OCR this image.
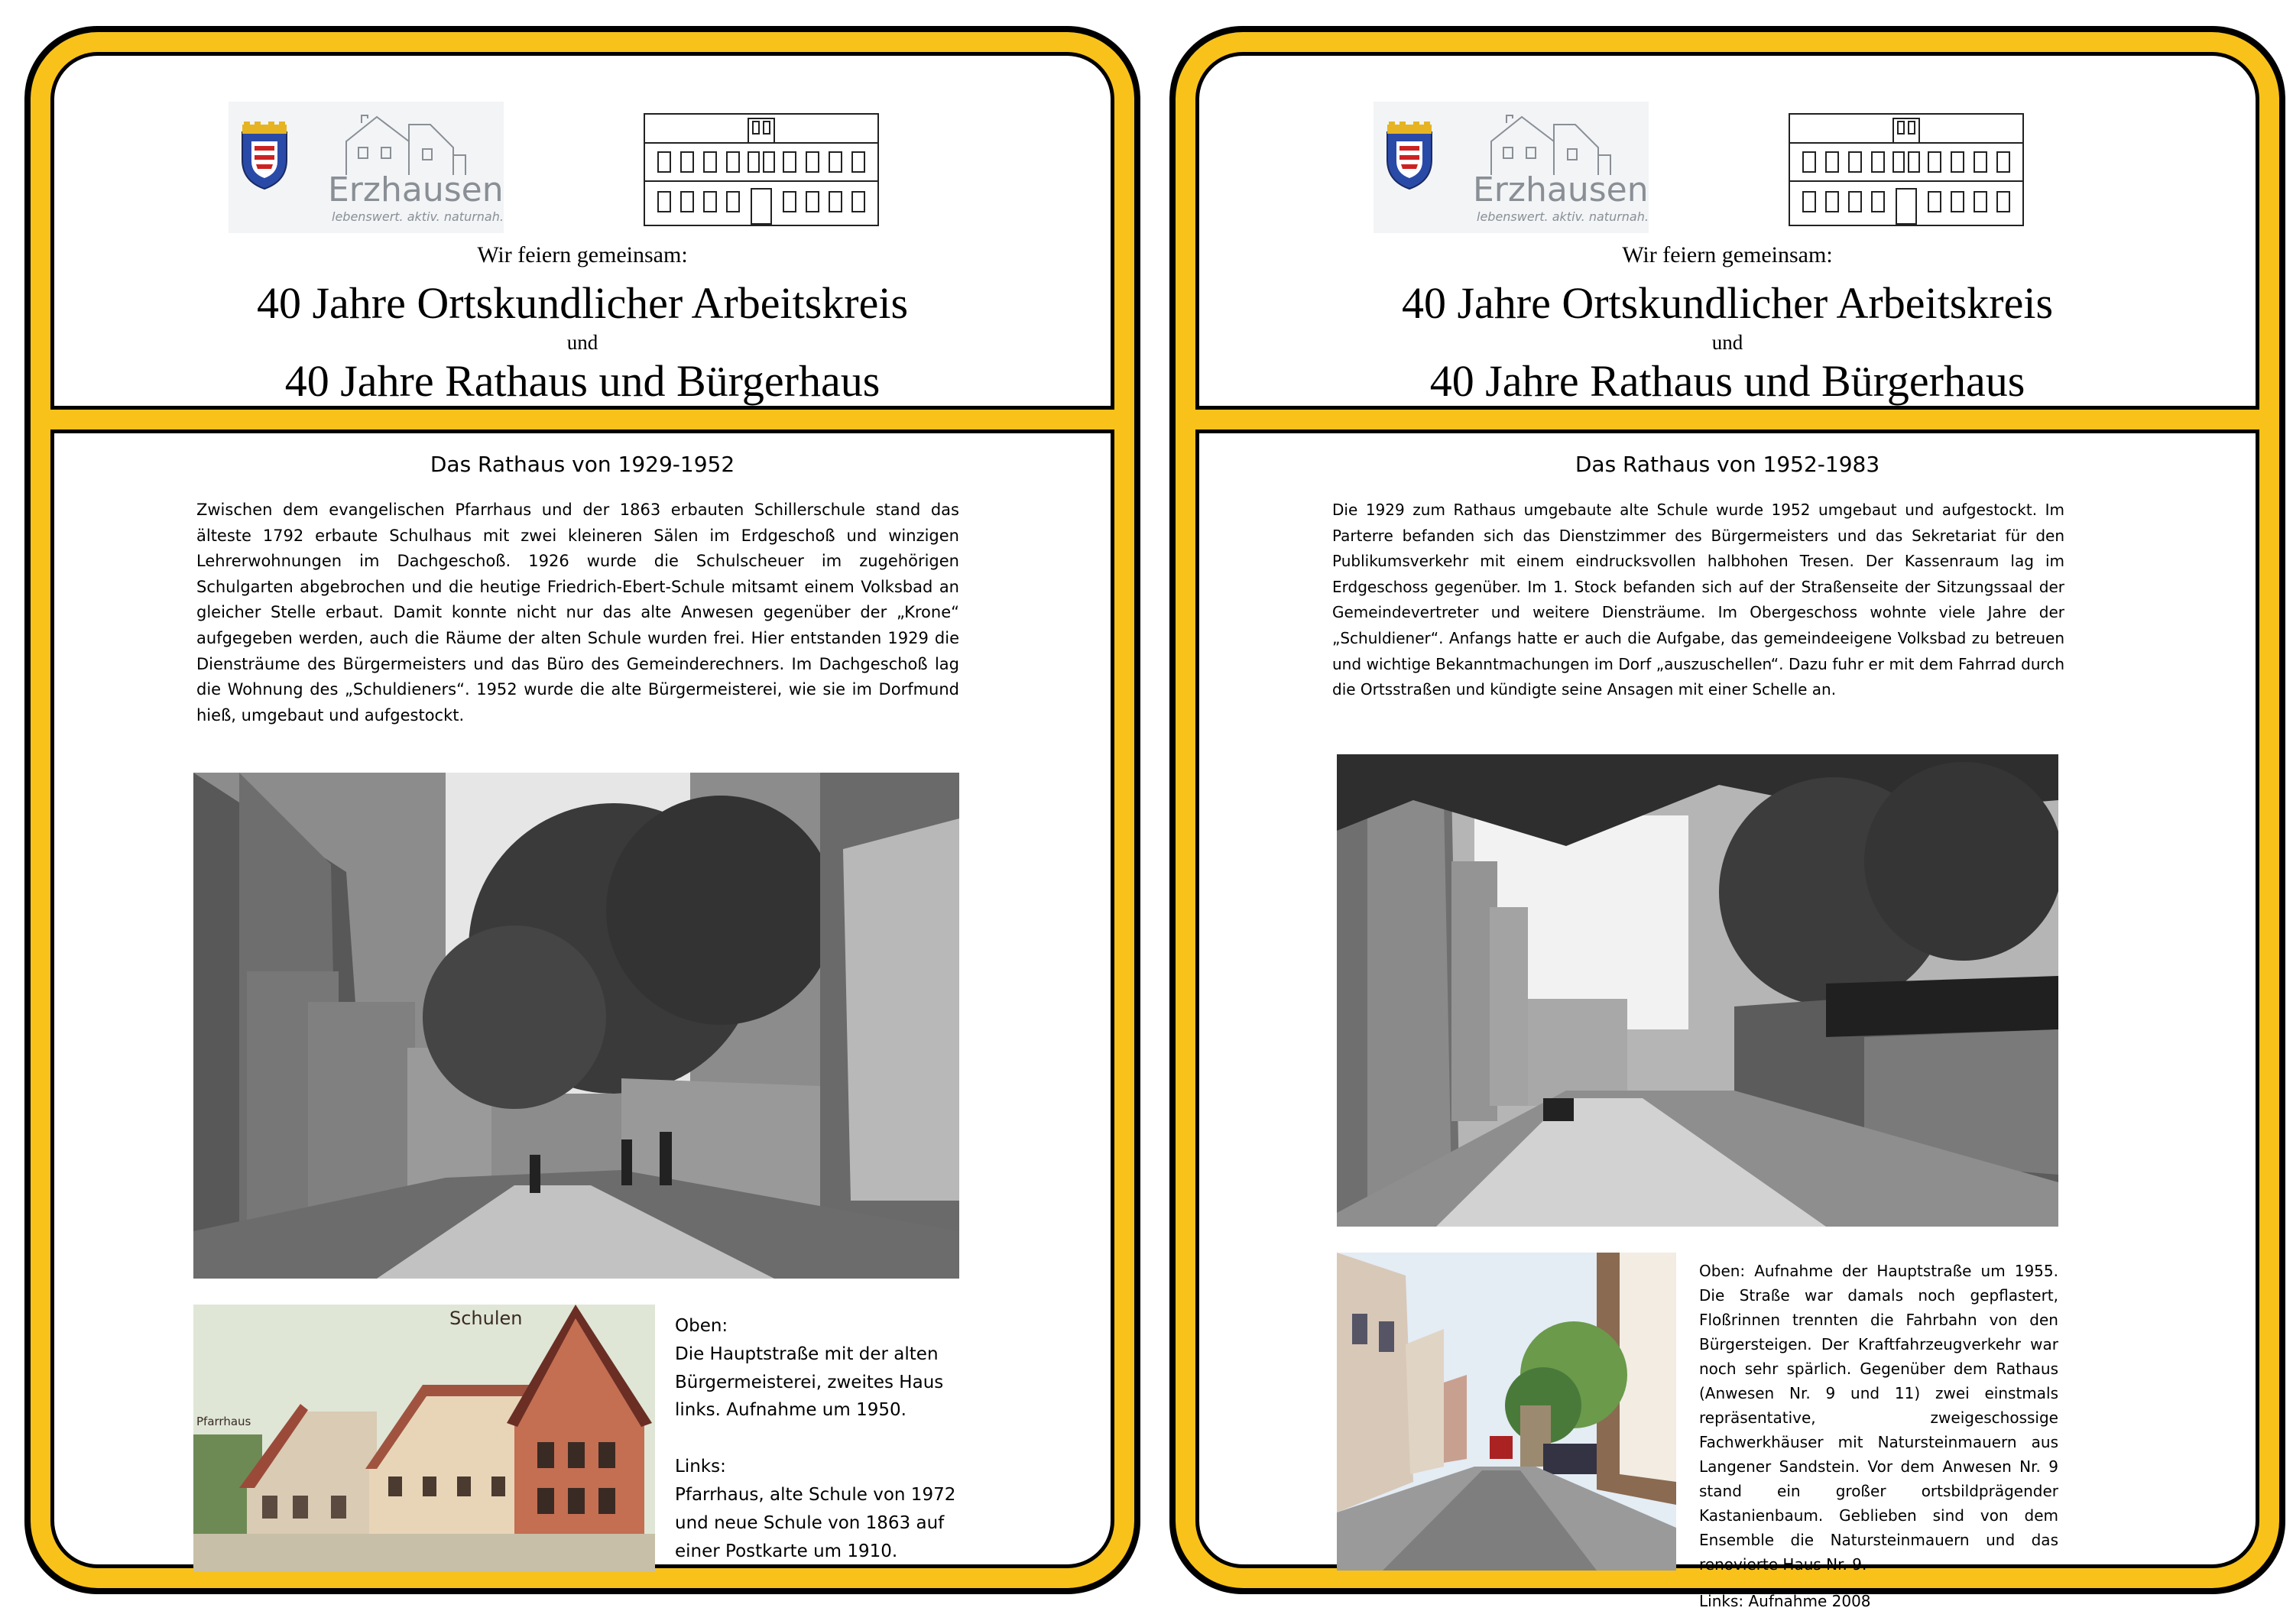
Erzhausen
lebenswert. aktiv. naturnah.
Wir feiern gemeinsam:
40 Jahre Ortskundlicher Arbeitskreis
und
40 Jahre Rathaus und Bürgerhaus
Das Rathaus von 1929-1952

Zwischen dem evangelischen Pfarrhaus und der 1863 erbauten Schillerschule stand das älteste 1792 erbaute Schulhaus mit zwei kleineren Sälen im Erdgeschoß und winzigen Lehrerwohnungen im Dachgeschoß. 1926 wurde die Schulscheuer im zugehörigen Schulgarten abgebrochen und die heutige Friedrich-Ebert-Schule mitsamt einem Volksbad an gleicher Stelle erbaut. Damit konnte nicht nur das alte Anwesen gegenüber der „Krone“ aufgegeben werden, auch die Räume der alten Schule wurden frei. Hier entstanden 1929 die Diensträume des Bürgermeisters und das Büro des Gemeinderechners. Im Dachgeschoß lag die Wohnung des „Schuldieners“. 1952 wurde die alte Bürgermeisterei, wie sie im Dorfmund hieß, umgebaut und aufgestockt.

Schulen
Pfarrhaus

Oben:

Die Hauptstraße mit der alten Bürgermeisterei, zweites Haus links. Aufnahme um 1950.

Links:

Pfarrhaus, alte Schule von 1972 und neue Schule von 1863 auf einer Postkarte um 1910.

Erzhausen
lebenswert. aktiv. naturnah.
Wir feiern gemeinsam:
40 Jahre Ortskundlicher Arbeitskreis
und
40 Jahre Rathaus und Bürgerhaus
Das Rathaus von 1952-1983

Die 1929 zum Rathaus umgebaute alte Schule wurde 1952 umgebaut und aufgestockt. Im Parterre befanden sich das Dienstzimmer des Bürgermeisters und das Sekretariat für den Publikumsverkehr mit einem eindrucksvollen halbhohen Tresen. Der Kassenraum lag im Erdgeschoss gegenüber. Im 1. Stock befanden sich auf der Straßenseite der Sitzungssaal der Gemeindevertreter und weitere Diensträume. Im Obergeschoss wohnte viele Jahre der „Schuldiener“. Anfangs hatte er auch die Aufgabe, das gemeindeeigene Volksbad zu betreuen und wichtige Bekanntmachungen im Dorf „auszuschellen“. Dazu fuhr er mit dem Fahrrad durch die Ortsstraßen und kündigte seine Ansagen mit einer Schelle an.

Oben: Aufnahme der Hauptstraße um 1955. Die Straße war damals noch gepflastert, Floßrinnen trennten die Fahrbahn von den Bürgersteigen. Der Kraftfahrzeugverkehr war noch sehr spärlich. Gegenüber dem Rathaus (Anwesen Nr. 9 und 11) zwei einstmals repräsentative, zweigeschossige Fachwerkhäuser mit Natursteinmauern aus Langener Sandstein. Vor dem Anwesen Nr. 9 stand ein großer ortsbildprägender Kastanienbaum. Geblieben sind von dem Ensemble die Natursteinmauern und das renovierte Haus Nr. 9.

Links: Aufnahme 2008
